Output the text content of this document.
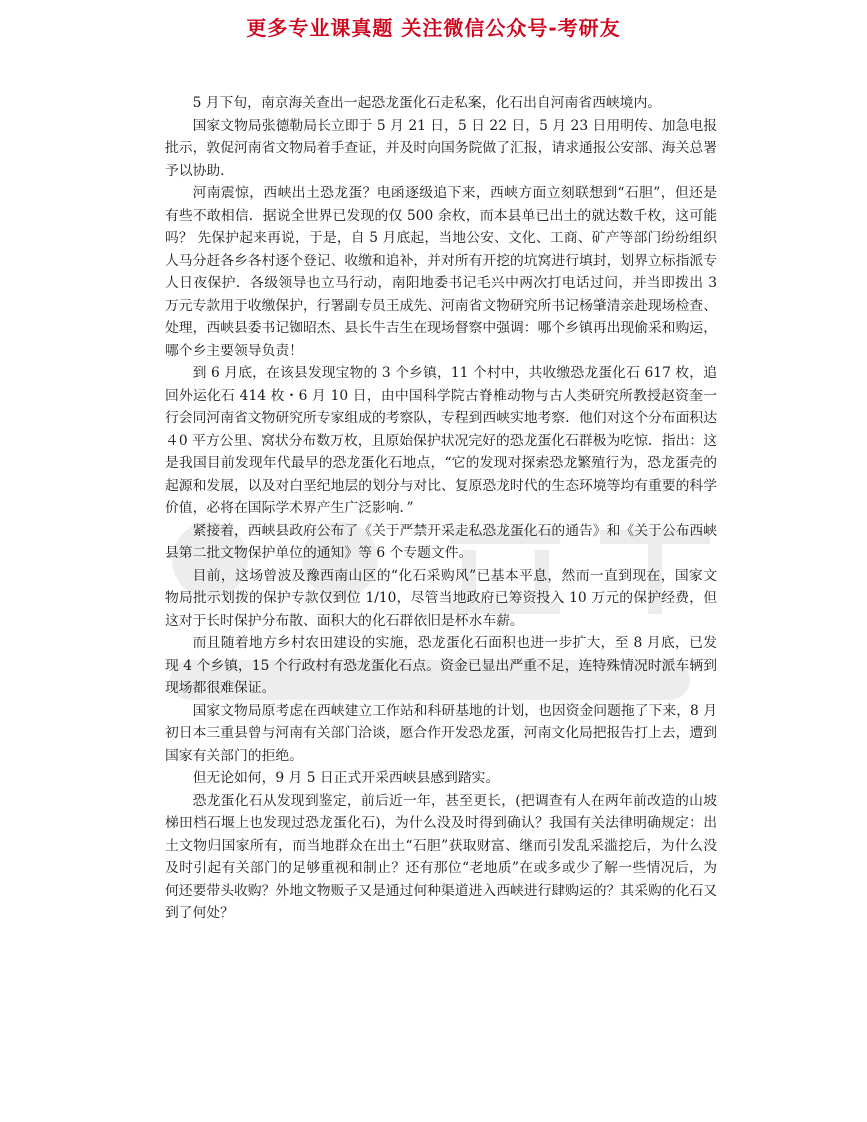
更多专业课真题 关注微信公众号-考研友

5 月下旬，南京海关查出一起恐龙蛋化石走私案，化石出自河南省西峡境内。

国家文物局张德勒局长立即于 5 月 21 日，5 日 22 日，5 月 23 日用明传、加急电报批示，敦促河南省文物局着手查证，并及时向国务院做了汇报，请求通报公安部、海关总署予以协助.

河南震惊，西峡出土恐龙蛋？电函逐级追下来，西峡方面立刻联想到“石胆”，但还是有些不敢相信．据说全世界已发现的仅 500 余枚，而本县单已出土的就达数千枚，这可能吗？ 先保护起来再说，于是，自 5 月底起，当地公安、文化、工商、矿产等部门纷纷组织人马分赶各乡各村逐个登记、收缴和追补，并对所有开挖的坑窝进行填封，划界立标指派专人日夜保护．各级领导也立马行动，南阳地委书记毛兴中两次打电话过问，并当即拨出 3 万元专款用于收缴保护，行署副专员王成先、河南省文物研究所书记杨肇清亲赴现场检查、处理，西峡县委书记铷昭杰、县长牛吉生在现场督察中强调：哪个乡镇再出现偷采和购运，哪个乡主要领导负责！

到 6 月底，在该县发现宝物的 3 个乡镇，11 个村中，共收缴恐龙蛋化石 617 枚，追回外运化石 414 枚・6 月 10 日，由中国科学院古脊椎动物与古人类研究所教授赵资奎一行会同河南省文物研究所专家组成的考察队，专程到西峡实地考察．他们对这个分布面积达　４0 平方公里、窝状分布数万枚，且原始保护状况完好的恐龙蛋化石群极为吃惊．指出：这是我国目前发现年代最早的恐龙蛋化石地点，“它的发现对探索恐龙繁殖行为，恐龙蛋壳的起源和发展，以及对白垩纪地层的划分与对比、复原恐龙时代的生态环境等均有重要的科学价值，必将在国际学术界产生广泛影响．”

紧接着，西峡县政府公布了《关于严禁开采走私恐龙蛋化石的通告》和《关于公布西峡县第二批文物保护单位的通知》等 6 个专题文件。

目前，这场曾波及豫西南山区的“化石采购风”已基本平息，然而一直到现在，国家文物局批示划拨的保护专款仅到位 1/10，尽管当地政府已筹资投入 10 万元的保护经费，但这对于长时保护分布散、面积大的化石群依旧是杯水车薪。

而且随着地方乡村农田建设的实施，恐龙蛋化石面积也进一步扩大，至 8 月底，已发现 4 个乡镇，15 个行政村有恐龙蛋化石点。资金已显出严重不足，连特殊情况时派车辆到现场都很难保证。

国家文物局原考虑在西峡建立工作站和科研基地的计划，也因资金问题拖了下来，8 月初日本三重县曾与河南有关部门洽谈，愿合作开发恐龙蛋，河南文化局把报告打上去，遭到国家有关部门的拒绝。

但无论如何，9 月 5 日正式开采西峡县感到踏实。

恐龙蛋化石从发现到鉴定，前后近一年，甚至更长，(把调查有人在两年前改造的山坡梯田档石堰上也发现过恐龙蛋化石)，为什么没及时得到确认？我国有关法律明确规定：出土文物归国家所有，而当地群众在出土“石胆”获取财富、继而引发乱采滥挖后，为什么没及时引起有关部门的足够重视和制止？还有那位“老地质”在或多或少了解一些情况后，为何还要带头收购？外地文物贩子又是通过何种渠道进入西峡进行肆购运的？其采购的化石又到了何处？
